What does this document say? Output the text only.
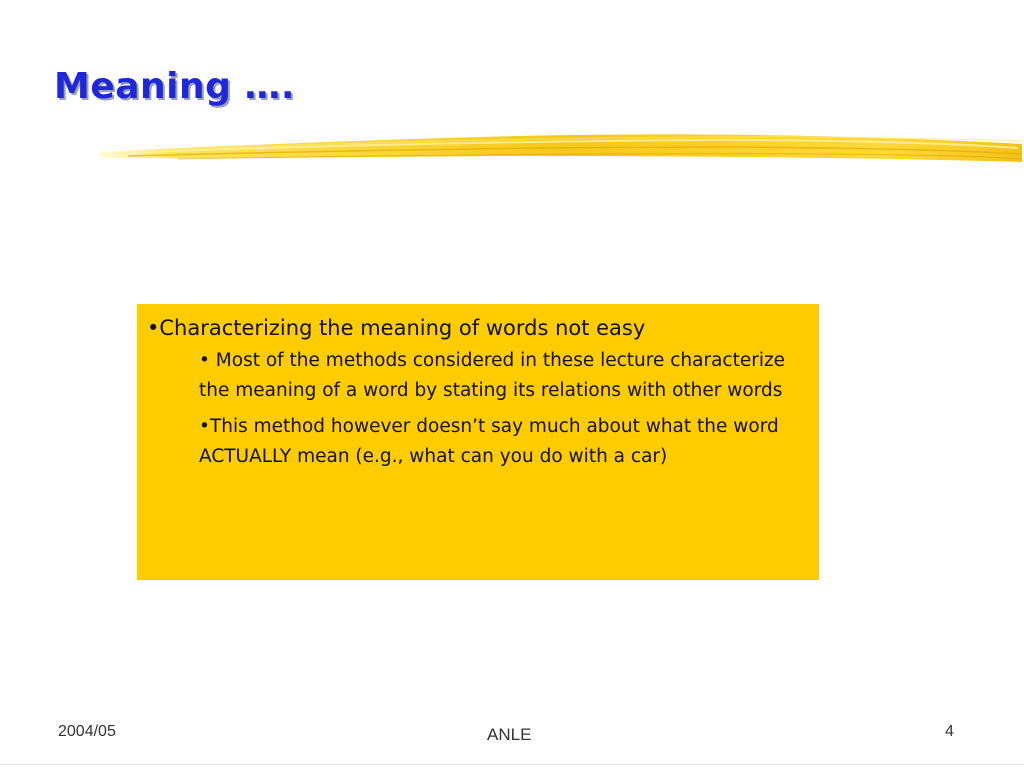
Meaning ….
•Characterizing the meaning of words not easy
• Most of the methods considered in these lecture characterize the meaning of a word by stating its relations with other words
•This method however doesn’t say much about what the word ACTUALLY mean (e.g., what can you do with a car)
2004/05	ANLE	4
